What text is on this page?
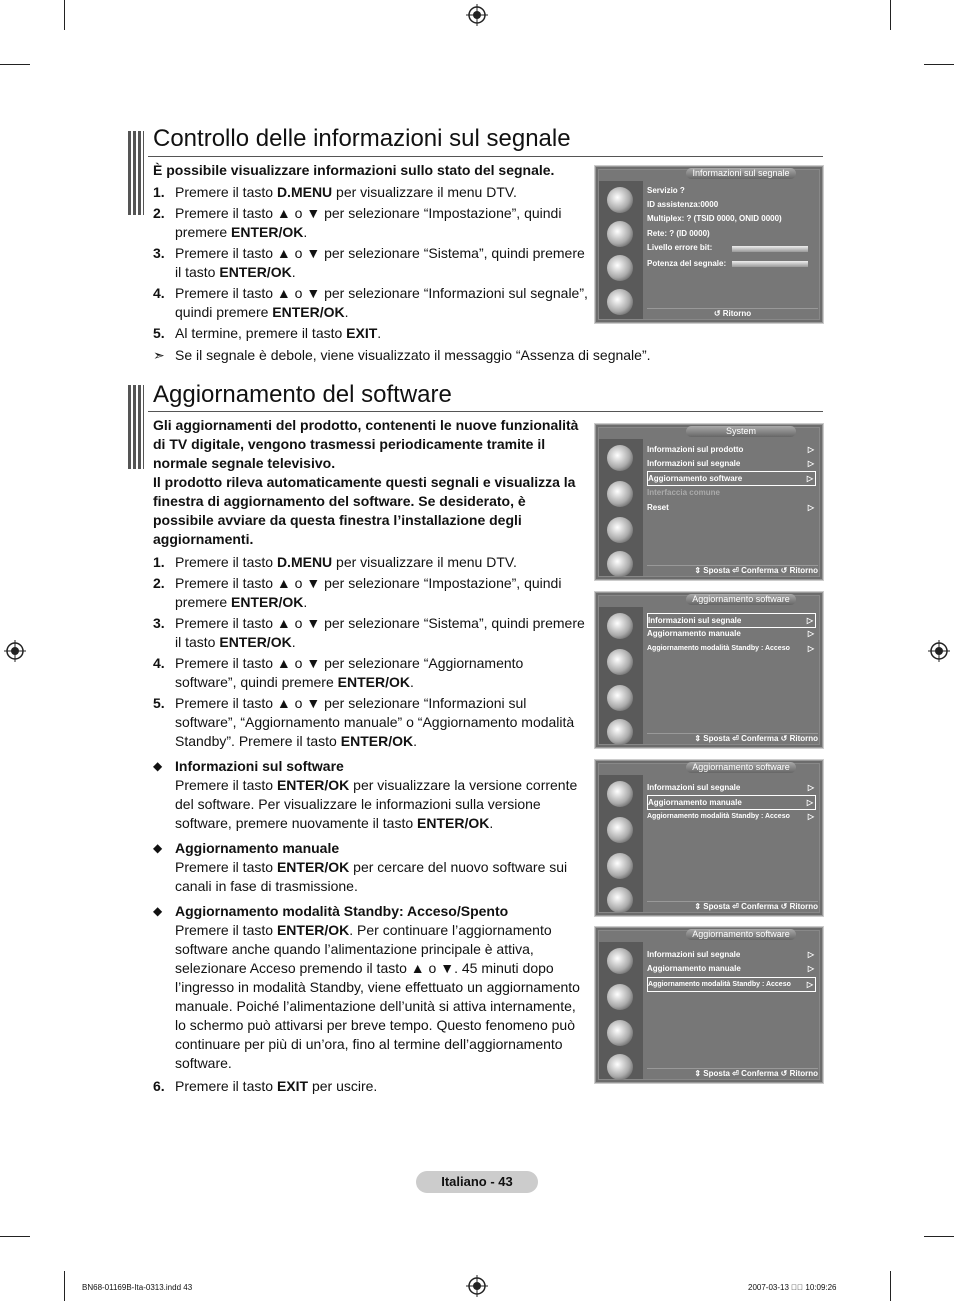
Controllo delle informazioni sul segnale
È possibile visualizzare informazioni sullo stato del segnale.
1. Premere il tasto D.MENU per visualizzare il menu DTV.
2. Premere il tasto ▲ o ▼ per selezionare “Impostazione”, quindi premere ENTER/OK.
3. Premere il tasto ▲ o ▼ per selezionare “Sistema”, quindi premere il tasto ENTER/OK.
4. Premere il tasto ▲ o ▼ per selezionare “Informazioni sul segnale”, quindi premere ENTER/OK.
5. Al termine, premere il tasto EXIT.
➣ Se il segnale è debole, viene visualizzato il messaggio “Assenza di segnale”.
Informazioni sul segnale
Servizio ?
ID assistenza:0000
Multiplex: ? (TSID 0000, ONID 0000)
Rete: ? (ID 0000)
Livello errore bit:
Potenza del segnale:
↺ Ritorno
Aggiornamento del software
Gli aggiornamenti del prodotto, contenenti le nuove funzionalità di TV digitale, vengono trasmessi periodicamente tramite il normale segnale televisivo.
Il prodotto rileva automaticamente questi segnali e visualizza la finestra di aggiornamento del software. Se desiderato, è possibile avviare da questa finestra l’installazione degli aggiornamenti.
1. Premere il tasto D.MENU per visualizzare il menu DTV.
2. Premere il tasto ▲ o ▼ per selezionare “Impostazione”, quindi premere ENTER/OK.
3. Premere il tasto ▲ o ▼ per selezionare “Sistema”, quindi premere il tasto ENTER/OK.
4. Premere il tasto ▲ o ▼ per selezionare “Aggiornamento software”, quindi premere ENTER/OK.
5. Premere il tasto ▲ o ▼ per selezionare “Informazioni sul software”, “Aggiornamento manuale” o “Aggiornamento modalità Standby”. Premere il tasto ENTER/OK.
◆ Informazioni sul software
Premere il tasto ENTER/OK per visualizzare la versione corrente del software. Per visualizzare le informazioni sulla versione software, premere nuovamente il tasto ENTER/OK.
◆ Aggiornamento manuale
Premere il tasto ENTER/OK per cercare del nuovo software sui canali in fase di trasmissione.
◆ Aggiornamento modalità Standby: Acceso/Spento
Premere il tasto ENTER/OK. Per continuare l’aggiornamento software anche quando l’alimentazione principale è attiva, selezionare Acceso premendo il tasto ▲ o ▼. 45 minuti dopo l’ingresso in modalità Standby, viene effettuato un aggiornamento manuale. Poiché l’alimentazione dell’unità si attiva internamente, lo schermo può attivarsi per breve tempo. Questo fenomeno può continuare per più di un’ora, fino al termine dell’aggiornamento software.
6. Premere il tasto EXIT per uscire.
System
Informazioni sul prodotto	▷
Informazioni sul segnale	▷
Aggiornamento software	▷
Interfaccia comune
Reset	▷
⇕ Sposta ⏎ Conferma ↺ Ritorno
Aggiornamento software
Informazioni sul segnale	▷
Aggiornamento manuale	▷
Aggiornamento modalità Standby : Acceso ▷
⇕ Sposta ⏎ Conferma ↺ Ritorno
Aggiornamento software
Informazioni sul segnale	▷
Aggiornamento manuale	▷
Aggiornamento modalità Standby : Acceso ▷
⇕ Sposta ⏎ Conferma ↺ Ritorno
Aggiornamento software
Informazioni sul segnale	▷
Aggiornamento manuale	▷
Aggiornamento modalità Standby : Acceso ▷
⇕ Sposta ⏎ Conferma ↺ Ritorno
Italiano - 43
BN68-01169B-Ita-0313.indd 43	2007-03-13 ￿￿ 10:09:26
